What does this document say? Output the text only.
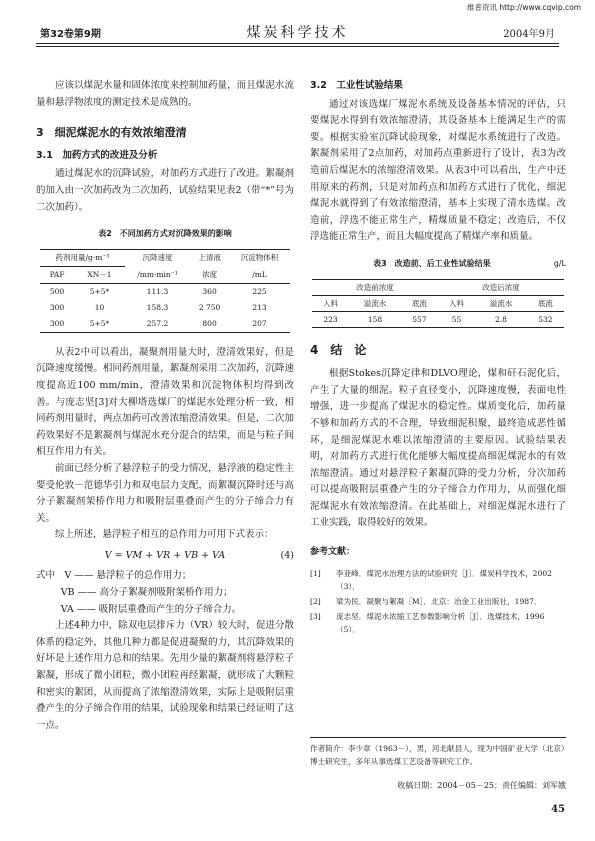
维普资讯 http://www.cqvip.com
第32卷第9期	煤炭科学技术	2004年9月

应该以煤泥水量和固体浓度来控制加药量，而且煤泥水流量和悬浮物浓度的测定技术是成熟的。

3　细泥煤泥水的有效浓缩澄清
3.1　加药方式的改进及分析

通过煤泥水的沉降试验，对加药方式进行了改进。絮凝剂的加入由一次加药改为二次加药，试验结果见表2（带“*”号为二次加药）。

表2　不同加药方式对沉降效果的影响
药剂用量/g·m⁻³		沉降速度	上清液	沉淀物体积
PAF	XN－1	/mm·min⁻¹	浓度	/mL
500	5+5*	111.3	360	225
300	10	158.3	2 750	213
300	5+5*	257.2	800	207

从表2中可以看出，凝聚剂用量大时，澄清效果好，但是沉降速度缓慢。相同药剂用量，絮凝剂采用二次加药，沉降速度提高近100 mm/min，澄清效果和沉淀物体积均得到改善。与庞志坚[3]对大柳塔选煤厂的煤泥水处理分析一致，相同药剂用量时，两点加药可改善浓缩澄清效果。但是，二次加药效果好不是絮凝剂与煤泥水充分混合的结果，而是与粒子间相互作用力有关。

前面已经分析了悬浮粒子的受力情况，悬浮液的稳定性主要受伦敦－范德华引力和双电层力支配，而絮凝沉降时还与高分子絮凝剂架桥作用力和吸附层重叠而产生的分子缔合力有关。

综上所述，悬浮粒子相互的总作用力可用下式表示：

V = VM + VR + VB + VA	(4)
式中　V —— 悬浮粒子的总作用力；
VB —— 高分子絮凝剂吸附架桥作用力；
VA —— 吸附层重叠而产生的分子缔合力。

上述4种力中，除双电层排斥力（VR）较大时，促进分散体系的稳定外，其他几种力都是促进凝聚的力，其沉降效果的好坏是上述作用力总和的结果。先用少量的絮凝剂将悬浮粒子絮凝，形成了微小团粒，微小团粒再经絮凝，就形成了大颗粒和密实的絮团，从而提高了浓缩澄清效果，实际上是吸附层重叠产生的分子缔合作用的结果，试验现象和结果已经证明了这一点。

3.2　工业性试验结果

通过对该选煤厂煤泥水系统及设备基本情况的评估，只要煤泥水得到有效浓缩澄清，其设备基本上能满足生产的需要。根据实验室沉降试验现象，对煤泥水系统进行了改造。絮凝剂采用了2点加药，对加药点重新进行了设计，表3为改造前后煤泥水的浓缩澄清效果。从表3中可以看出，生产中还用原来的药剂，只是对加药点和加药方式进行了优化，细泥煤泥水就得到了有效浓缩澄清，基本上实现了清水选煤。改造前，浮选不能正常生产，精煤质量不稳定；改造后，不仅浮选能正常生产，而且大幅度提高了精煤产率和质量。

表3　改造前、后工业性试验结果	g/L
改造前浓度			改造后浓度		
入料	溢流水	底流	入料	溢流水	底流
223	158	557	55	2.8	532
4　结　论

根据Stokes沉降定律和DLVO理论，煤和矸石泥化后，产生了大量的细泥。粒子直径变小，沉降速度慢，表面电性增强，进一步提高了煤泥水的稳定性。煤质变化后，加药量不够和加药方式的不合理，导致细泥积聚，最终造成恶性循环，是细泥煤泥水难以浓缩澄清的主要原因。试验结果表明，对加药方式进行优化能够大幅度提高细泥煤泥水的有效浓缩澄清。通过对悬浮粒子絮凝沉降的受力分析，分次加药可以提高吸附层重叠产生的分子缔合力作用力，从而强化细泥煤泥水有效浓缩澄清。在此基础上，对细泥煤泥水进行了工业实践，取得较好的效果。

参考文献：
[1]	李亚峰．煤泥水治理方法的试验研究［J］．煤炭科学技术，2002（3）．
[2]	梁为民．凝聚与絮凝［M］．北京：冶金工业出版社，1987．
[3]	庞志坚．煤泥水浓缩工艺参数影响分析［J］．选煤技术，1996（5）．
作者简介：李少章（1963－），男，河北献县人，现为中国矿业大学（北京）博士研究生，多年从事选煤工艺设备等研究工作。
收稿日期：2004－05－25；责任编辑：刘军娥
45
